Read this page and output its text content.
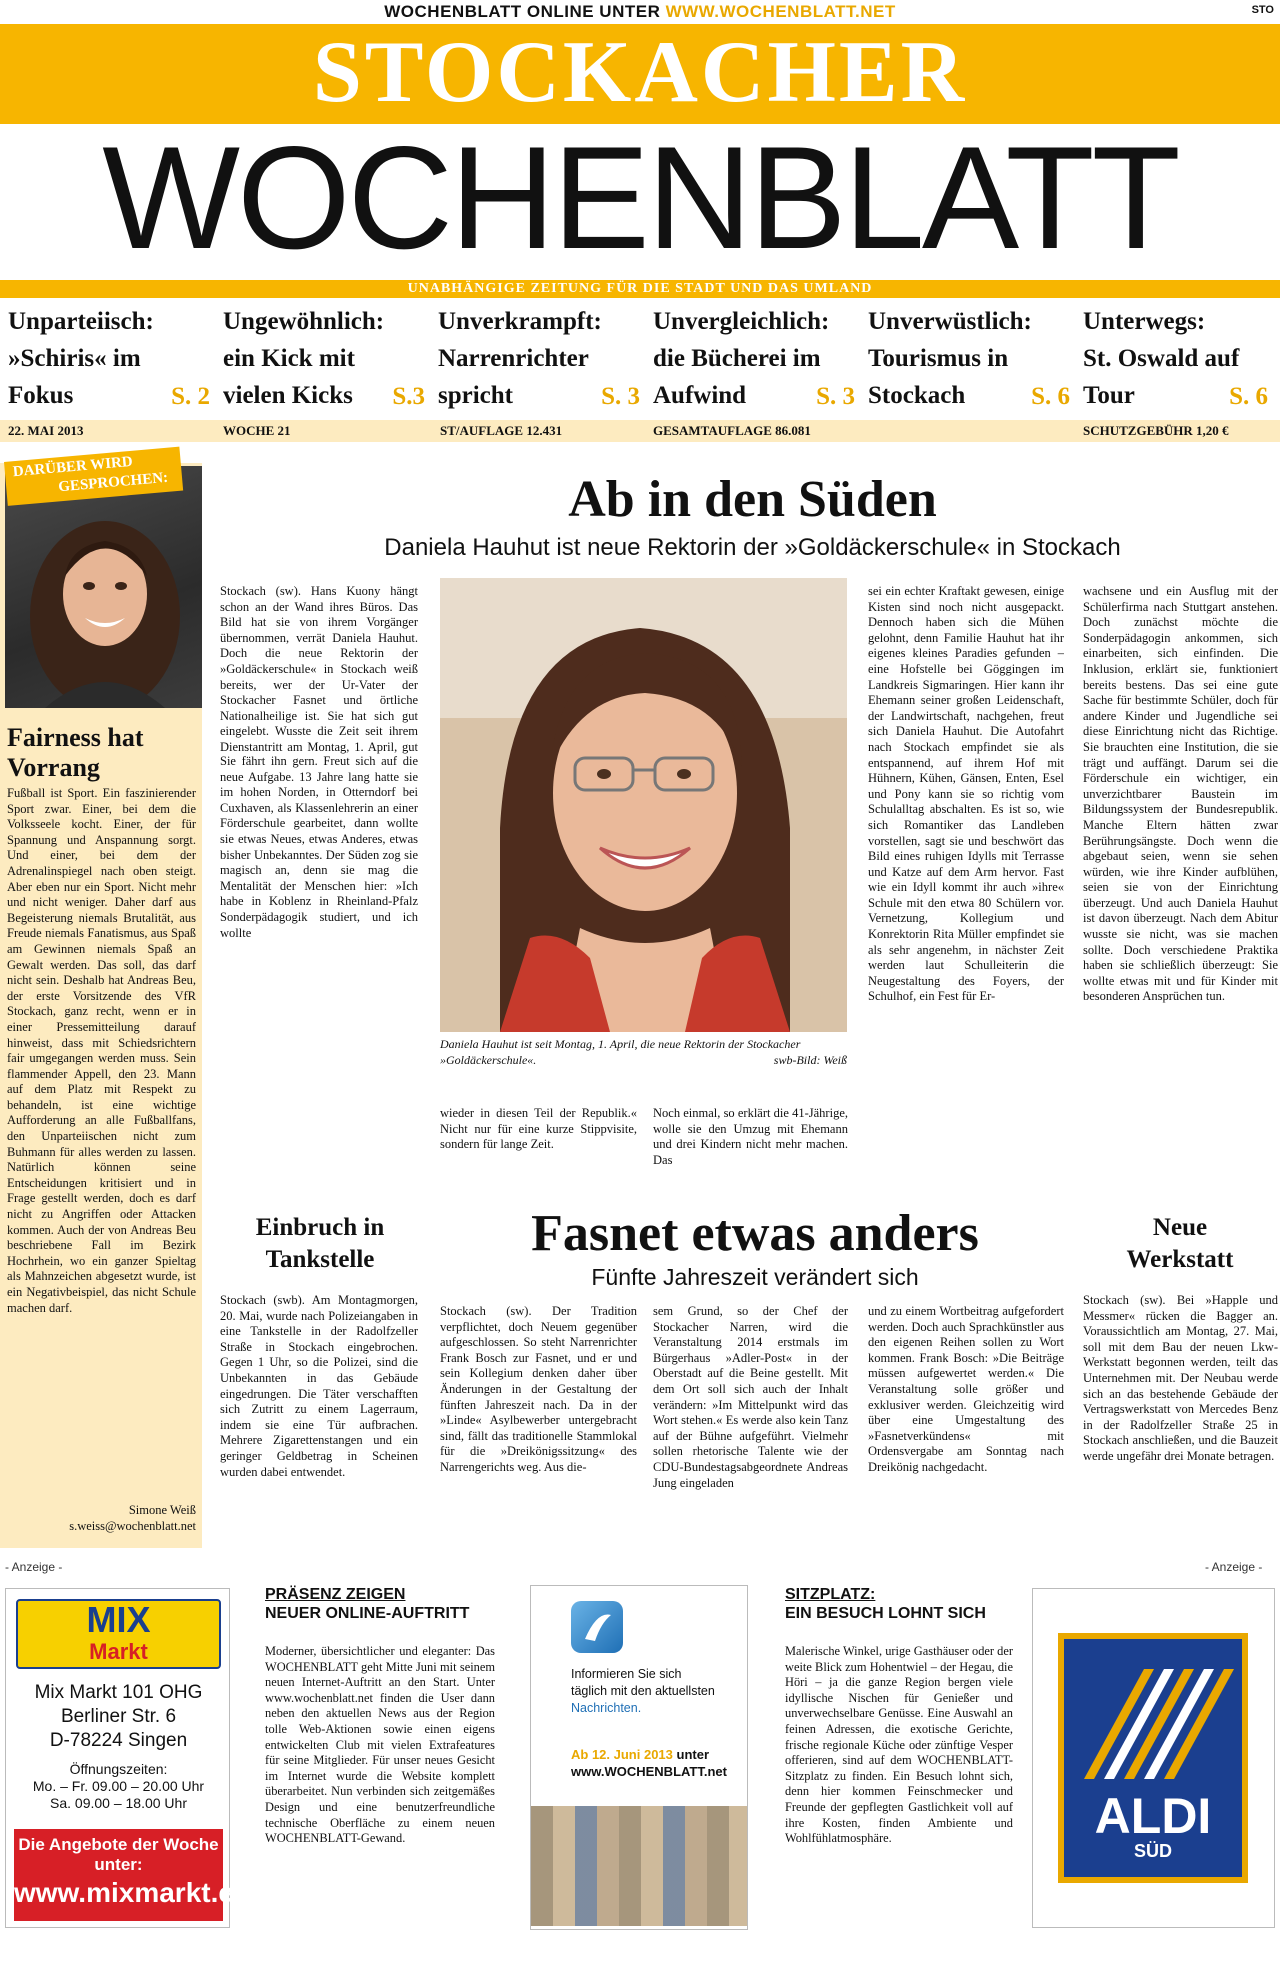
WOCHENBLATT ONLINE UNTER WWW.WOCHENBLATT.NET	STO
STOCKACHER
WOCHENBLATT
UNABHÄNGIGE ZEITUNG FÜR DIE STADT UND DAS UMLAND
Unparteiisch:
»Schiris« im
Fokus	S. 2
Ungewöhnlich:
ein Kick mit
vielen Kicks	S.3
Unverkrampft:
Narrenrichter
spricht	S. 3
Unvergleichlich:
die Bücherei im
Aufwind	S. 3
Unverwüstlich:
Tourismus in
Stockach	S. 6
Unterwegs:
St. Oswald auf
Tour	S. 6
22. MAI 2013	WOCHE 21	ST/AUFLAGE 12.431	GESAMTAUFLAGE 86.081	SCHUTZGEBÜHR 1,20 €
DARÜBER WIRD
GESPROCHEN:
Fairness hat
Vorrang
Fußball ist Sport. Ein faszinierender Sport zwar. Einer, bei dem die Volksseele kocht. Einer, der für Spannung und Anspannung sorgt. Und einer, bei dem der Adrenalinspiegel nach oben steigt. Aber eben nur ein Sport. Nicht mehr und nicht weniger. Daher darf aus Begeisterung niemals Brutalität, aus Freude niemals Fanatismus, aus Spaß am Gewinnen niemals Spaß an Gewalt werden. Das soll, das darf nicht sein. Deshalb hat Andreas Beu, der erste Vorsitzende des VfR Stockach, ganz recht, wenn er in einer Pressemitteilung darauf hinweist, dass mit Schiedsrichtern fair umgegangen werden muss. Sein flammender Appell, den 23. Mann auf dem Platz mit Respekt zu behandeln, ist eine wichtige Aufforderung an alle Fußballfans, den Unparteiischen nicht zum Buhmann für alles werden zu lassen. Natürlich können seine Entscheidungen kritisiert und in Frage gestellt werden, doch es darf nicht zu Angriffen oder Attacken kommen. Auch der von Andreas Beu beschriebene Fall im Bezirk Hochrhein, wo ein ganzer Spieltag als Mahnzeichen abgesetzt wurde, ist ein Negativbeispiel, das nicht Schule machen darf.
Simone Weiß
s.weiss@wochenblatt.net
Ab in den Süden
Daniela Hauhut ist neue Rektorin der »Goldäckerschule« in Stockach
Stockach (sw). Hans Kuony hängt schon an der Wand ihres Büros. Das Bild hat sie von ihrem Vorgänger übernommen, verrät Daniela Hauhut. Doch die neue Rektorin der »Goldäckerschule« in Stockach weiß bereits, wer der Ur-Vater der Stockacher Fasnet und örtliche Nationalheilige ist. Sie hat sich gut eingelebt. Wusste die Zeit seit ihrem Dienstantritt am Montag, 1. April, gut
Sie fährt ihn gern. Freut sich auf die neue Aufgabe. 13 Jahre lang hatte sie im hohen Norden, in Otterndorf bei Cuxhaven, als Klassenlehrerin an einer Förderschule gearbeitet, dann wollte sie etwas Neues, etwas Anderes, etwas bisher Unbekanntes. Der Süden zog sie magisch an, denn sie mag die Mentalität der Menschen hier: »Ich habe in Koblenz in Rheinland-Pfalz Sonderpädagogik studiert, und ich wollte
Daniela Hauhut ist seit Montag, 1. April, die neue Rektorin der Stockacher »Goldäckerschule«.	swb-Bild: Weiß
wieder in diesen Teil der Republik.« Nicht nur für eine kurze Stippvisite, sondern für lange Zeit.
Noch einmal, so erklärt die 41-Jährige, wolle sie den Umzug mit Ehemann und drei Kindern nicht mehr machen. Das
sei ein echter Kraftakt gewesen, einige Kisten sind noch nicht ausgepackt. Dennoch haben sich die Mühen gelohnt, denn Familie Hauhut hat ihr eigenes kleines Paradies gefunden – eine Hofstelle bei Göggingen im Landkreis Sigmaringen. Hier kann ihr Ehemann seiner großen Leidenschaft, der Landwirtschaft, nachgehen, freut sich Daniela Hauhut. Die Autofahrt nach Stockach empfindet sie als entspannend, auf ihrem Hof mit Hühnern, Kühen, Gänsen, Enten, Esel und Pony kann sie so richtig vom Schulalltag abschalten. Es ist so, wie sich Romantiker das Landleben vorstellen, sagt sie und beschwört das Bild eines ruhigen Idylls mit Terrasse und Katze auf dem Arm hervor. Fast wie ein Idyll kommt ihr auch »ihre« Schule mit den etwa 80 Schülern vor. Vernetzung, Kollegium und Konrektorin Rita Müller empfindet sie als sehr angenehm, in nächster Zeit werden laut Schulleiterin die Neugestaltung des Foyers, der Schulhof, ein Fest für Er-
wachsene und ein Ausflug mit der Schülerfirma nach Stuttgart anstehen. Doch zunächst möchte die Sonderpädagogin ankommen, sich einarbeiten, sich einfinden. Die Inklusion, erklärt sie, funktioniert bereits bestens. Das sei eine gute Sache für bestimmte Schüler, doch für andere Kinder und Jugendliche sei diese Einrichtung nicht das Richtige. Sie brauchten eine Institution, die sie trägt und auffängt. Darum sei die Förderschule ein wichtiger, ein unverzichtbarer Baustein im Bildungssystem der Bundesrepublik. Manche Eltern hätten zwar Berührungsängste. Doch wenn die abgebaut seien, wenn sie sehen würden, wie ihre Kinder aufblühen, seien sie von der Einrichtung überzeugt. Und auch Daniela Hauhut ist davon überzeugt. Nach dem Abitur wusste sie nicht, was sie machen sollte. Doch verschiedene Praktika haben sie schließlich überzeugt: Sie wollte etwas mit und für Kinder mit besonderen Ansprüchen tun.
Einbruch in
Tankstelle
Stockach (swb). Am Montagmorgen, 20. Mai, wurde nach Polizeiangaben in eine Tankstelle in der Radolfzeller Straße in Stockach eingebrochen. Gegen 1 Uhr, so die Polizei, sind die Unbekannten in das Gebäude eingedrungen. Die Täter verschafften sich Zutritt zu einem Lagerraum, indem sie eine Tür aufbrachen. Mehrere Zigarettenstangen und ein geringer Geldbetrag in Scheinen wurden dabei entwendet.
Fasnet etwas anders
Fünfte Jahreszeit verändert sich
Stockach (sw). Der Tradition verpflichtet, doch Neuem gegenüber aufgeschlossen. So steht Narrenrichter Frank Bosch zur Fasnet, und er und sein Kollegium denken daher über Änderungen in der Gestaltung der fünften Jahreszeit nach. Da in der »Linde« Asylbewerber untergebracht sind, fällt das traditionelle Stammlokal für die »Dreikönigssitzung« des Narrengerichts weg. Aus die-
sem Grund, so der Chef der Stockacher Narren, wird die Veranstaltung 2014 erstmals im Bürgerhaus »Adler-Post« in der Oberstadt auf die Beine gestellt. Mit dem Ort soll sich auch der Inhalt verändern: »Im Mittelpunkt wird das Wort stehen.« Es werde also kein Tanz auf der Bühne aufgeführt. Vielmehr sollen rhetorische Talente wie der CDU-Bundestagsabgeordnete Andreas Jung eingeladen
und zu einem Wortbeitrag aufgefordert werden. Doch auch Sprachkünstler aus den eigenen Reihen sollen zu Wort kommen. Frank Bosch: »Die Beiträge müssen aufgewertet werden.« Die Veranstaltung solle größer und exklusiver werden. Gleichzeitig wird über eine Umgestaltung des »Fasnetverkündens« mit Ordensvergabe am Sonntag nach Dreikönig nachgedacht.
Neue
Werkstatt
Stockach (sw). Bei »Happle und Messmer« rücken die Bagger an. Voraussichtlich am Montag, 27. Mai, soll mit dem Bau der neuen Lkw-Werkstatt begonnen werden, teilt das Unternehmen mit. Der Neubau werde sich an das bestehende Gebäude der Vertragswerkstatt von Mercedes Benz in der Radolfzeller Straße 25 in Stockach anschließen, und die Bauzeit werde ungefähr drei Monate betragen.
- Anzeige -	- Anzeige -
MIX
Markt
Mix Markt 101 OHG
Berliner Str. 6
D-78224 Singen
Öffnungszeiten:
Mo. – Fr. 09.00 – 20.00 Uhr
Sa. 09.00 – 18.00 Uhr
Die Angebote der Woche
unter:
www.mixmarkt.eu
PRÄSENZ ZEIGEN
NEUER ONLINE-AUFTRITT
Moderner, übersichtlicher und eleganter: Das WOCHENBLATT geht Mitte Juni mit seinem neuen Internet-Auftritt an den Start. Unter www.wochenblatt.net finden die User dann neben den aktuellen News aus der Region tolle Web-Aktionen sowie einen eigens entwickelten Club mit vielen Extrafeatures für seine Mitglieder. Für unser neues Gesicht im Internet wurde die Website komplett überarbeitet. Nun verbinden sich zeitgemäßes Design und eine benutzerfreundliche technische Oberfläche zu einem neuen WOCHENBLATT-Gewand.
Informieren Sie sich
täglich mit den aktuellsten
Nachrichten.
Ab 12. Juni 2013 unter
www.WOCHENBLATT.net
SITZPLATZ:
EIN BESUCH LOHNT SICH
Malerische Winkel, urige Gasthäuser oder der weite Blick zum Hohentwiel – der Hegau, die Höri – ja die ganze Region bergen viele idyllische Nischen für Genießer und unverwechselbare Genüsse. Eine Auswahl an feinen Adressen, die exotische Gerichte, frische regionale Küche oder zünftige Vesper offerieren, sind auf dem WOCHENBLATT-Sitzplatz zu finden. Ein Besuch lohnt sich, denn hier kommen Feinschmecker und Freunde der gepflegten Gastlichkeit voll auf ihre Kosten, finden Ambiente und Wohlfühlatmosphäre.	ALDI
SÜD
